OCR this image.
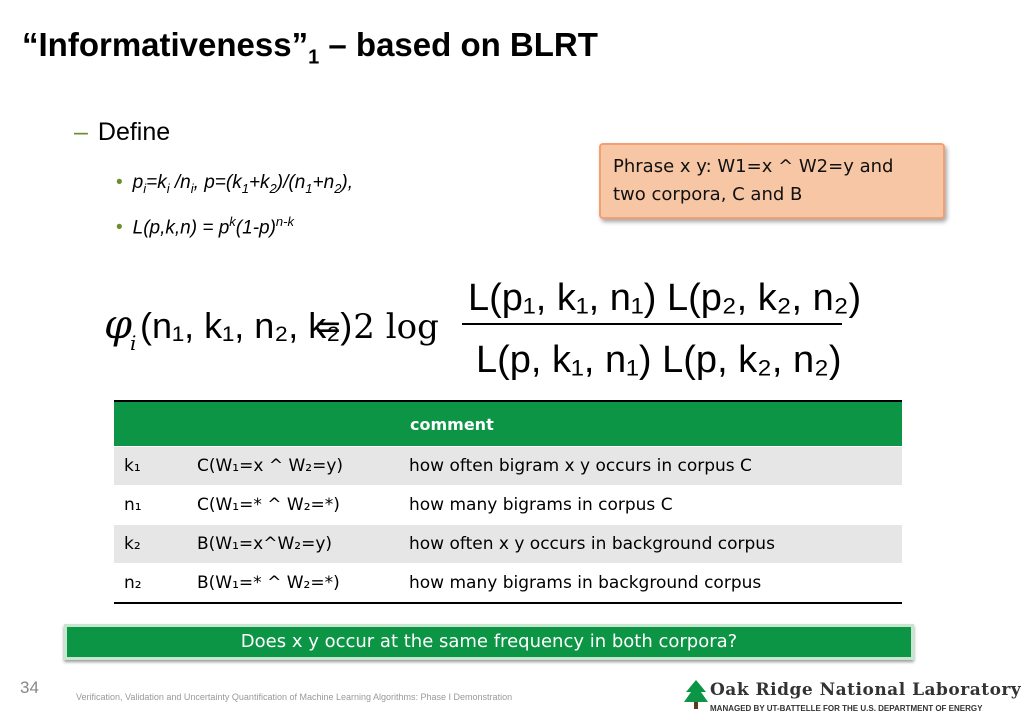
“$Informativeness”_1$ – based on BLRT
– Define
• $p_i=k_i$ $/n_i$, $p=(k_1+k_2)/(n_1+n_2)$,
• $L(p,k,n) = p^k(1-p)^{n-k}$
Phrase x y: W1=x ^ W2=y and two corpora, C and B
φ
i (n₁, k₁, n₂, k₂)
= 2 log
L(p₁, k₁, n₁) L(p₂, k₂, n₂)
L(p, k₁, n₁) L(p, k₂, n₂)
		comment
k₁	C(W₁=x ^ W₂=y)	how often bigram x y occurs in corpus C
n₁	C(W₁=* ^ W₂=*)	how many bigrams in corpus C
k₂	B(W₁=x^W₂=y)	how often x y occurs in background corpus
n₂	B(W₁=* ^ W₂=*)	how many bigrams in background corpus
Does x y occur at the same frequency in both corpora?
34	Verification, Validation and Uncertainty Quantification of Machine Learning Algorithms: Phase I Demonstration	Oak Ridge National Laboratory
MANAGED BY UT-BATTELLE FOR THE U.S. DEPARTMENT OF ENERGY
